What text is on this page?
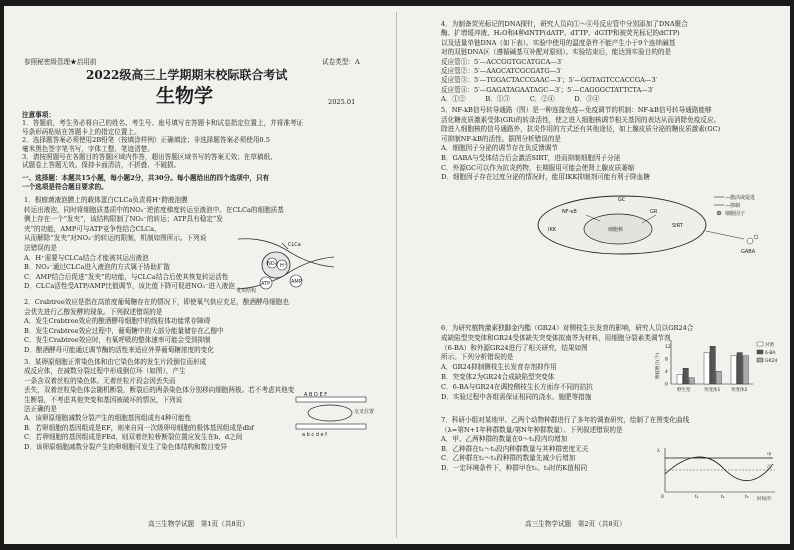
参照秘密级管理★启用前	试卷类型：A
2022级高三上学期期末校际联合考试
生物学	2025.01
注意事项：
1．答题前，考生务必将自己的姓名、考生号、座号填写在答题卡和试卷指定位置上，并将准考证
号条形码粘贴在答题卡上的指定位置上。
2．选择题答案必须使用2B铅笔（按填涂样例）正确填涂；非选择题答案必须使用0.5
毫米黑色签字笔书写，字体工整、笔迹清楚。
3．请按照题号在各题目的答题区域内作答，超出答题区域书写的答案无效；在草稿纸、
试题卷上答题无效。保持卡面清洁，不折叠、不破损。
一、选择题：本题共15小题，每小题2分，共30分。每小题给出的四个选项中，只有
一个选项是符合题目要求的。
1．根瘤菌液泡膜上的载体蛋白CLCa负责将H⁺跨液泡膜
转运出液泡，同时将细胞质基质中的NO₃⁻逆浓度梯度转运至液泡中。在CLCa的细胞质基
侧上存在一个“发夹”，该结构限制了NO₃⁻的转运；ATP具有稳定“发
夹”的功能，AMP可与ATP竞争性结合CLCa，
从而解除“发夹”对NO₃⁻的转运的限制，机制如图所示。下列说
法错误的是
A．H⁺需要与CLCa结合才能被其运出液泡
B．NO₃⁻通过CLCa进入液泡的方式属于协助扩散
C．AMP结合后促进“发夹”的功能，与CLCa结合后使其恢复转运活性
D．CLCa活性受ATP/AMP比值调节，该比值下降可促进NO₃⁻进入液泡
2．Crabtree效应是指在高浓度葡萄糖存在的情况下，即使氧气供应充足，酿酒酵母细胞也
会优先进行乙醇发酵的现象。下列叙述错误的是
A．发生Crabtree效应的酿酒酵母细胞中的线粒体功能常存障碍
B．发生Crabtree效应过程中，葡萄糖中的大部分能量储存在乙醇中
C．发生Crabtree效应时，有氧呼吸的整体速率可能会受到抑制
D．酿酒酵母可能通过调节酶的活性来适应外界葡萄糖浓度的变化
3．某卵原细胞正常染色体和由它染色体的发生片段倒位而形成
成反应体，在减数分裂过程中形成倒位环（如图），产生
一条含双着丝粒的染色体。无着丝粒片段会因丢失而
丢失，双着丝粒染色体会随机断裂，断裂后的两条染色体分别移向细胞两极。若不考虑其他变
生断裂，不考虑其他突变和基因被破坏的情况，下列说
法正确的是
A．该卵原细胞减数分裂产生的细胞基因组成有4种可能性
B．若卵细胞的基因组成是EF，则来自同一次级卵母细胞的极体基因组成是dbf
C．若卵细胞的基因组成是FEd，则双着丝粒桥断裂位置应发生在b、d之间
D．该卵原细胞减数分裂产生的卵细胞可发生了染色体结构和数目变异
CLCa
NO₃⁻ H⁺
ATP	AMP
发夹结构
A B D E F
a b c d e f
交叉位置
高三生物学试题　第1页（共8页）
4．为制备荧光标记的DNA探针，研究人员向①～④号反应管中分别添加了DNA聚合
酶、扩增缓冲液、H₂O和4种dNTP(dATP、dTTP、dGTP和被荧光标记的dCTP)
以及适量单链DNA（如下表）。实验中使用的温度条件不能产生小于9个连续碱基
对的双链DNA区（遵循碱基互补配对原则）。实验结束后，能达到实验目的的是
反应管①：5′—ACCGGTGCATGCA—3′
反应管②：5′—AAGCATCGCGATG—3′
反应管③：5′—TGGACTACCGAAC—3′；5′—GGTAGTCCACCGA—3′
反应管④：5′—GAGATAGAATAGC—3′；5′—CAGGGCTATTCTA—3′
A．①②　　　B．①③　　　C．②④　　　D．③④
5．NF-kB信号转导通路（图）是一种连接免疫—免疫调节的机制：NF-kB信号转导通路能够
活化糖皮质激素受体(GR)的转录活性，使之进入细胞核调节相关基因的表达从而消除免疫反应。
除进入细胞核的信号通路外，抗炎作用的方式还有其他途径，如上腺皮质分泌的糖皮质激素(GC)
可抑制NF-kB的活性。据图分析错误的是
A．细胞因子分泌的调节存在负反馈调节
B．GABA与受体结合后会激活SIRT，进而抑制细胞因子分泌
C．外源GC可以作为抗炎药物，长期服用可能会使肾上腺皮质萎缩
D．细胞因子存在过度分泌的情况时，能用IKK抑制剂可能有利于降血糖
6．为研究植物激素独脚金内酯（GR24）对侧枝生长发育的影响，研究人员以GR24合
成缺陷型突变体和GR24受体缺失突变体拟南芥为材料，用细胞分裂素类调节剂
（6-BA）和外源GR24进行了相关研究，结果如图
所示。下列分析错误的是
A．GR24抑制侧枝生长发育存剂抑作用
B．突变体2为GR24合成缺陷型突变体
C．6-BA与GR24在调控侧枝生长方面存不同的拮抗
D．实验过程中各组需保证相同的浇水、施肥等措施
7．科研小组对某地甲、乙两个动物种群进行了多年的调查研究，绘制了在图变化曲线
（λ=第N+1年种群数量/第N年种群数量）。下列叙述错误的是
A．甲、乙两种群的数量在0～t₁段内均增加
B．乙种群在t₁～t₃段内种群数量与其种群密度无关
C．乙种群在t₁～t₃段种群的数量先减少后增加
D．一定环境条件下，种群甲在t₁、t₃时的K值相同
细胞核
NF-κB	GR
SIRT
IKK
GC
GABA
—激活或促进
—抑制
细胞因子
侧枝数目(个)
0
4
8
12
野生型	突变体1 突变体2
对照
6-BA
GR24
λ
时间/年
甲
乙
0	t₁	t₂	t₃
高三生物学试题　第2页（共8页）
